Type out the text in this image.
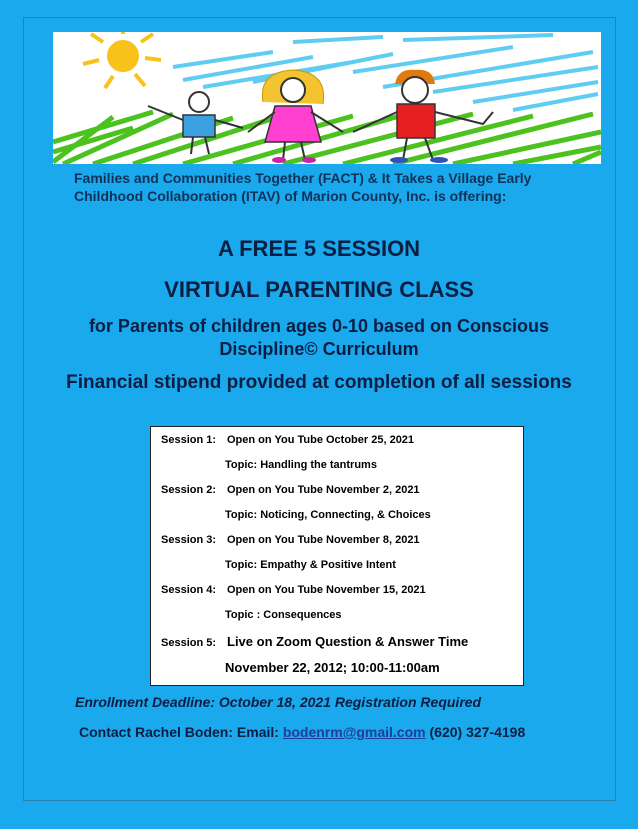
Families and Communities Together (FACT) & It Takes a Village Early Childhood Collaboration (ITAV) of Marion County, Inc. is offering:
A FREE 5 SESSION
VIRTUAL PARENTING CLASS
for Parents of children ages 0-10 based on Conscious Discipline© Curriculum
Financial stipend provided at completion of all sessions
Session 1: Open on You Tube October 25, 2021
Topic: Handling the tantrums
Session 2: Open on You Tube November 2, 2021
Topic: Noticing, Connecting, & Choices
Session 3: Open on You Tube November 8, 2021
Topic: Empathy & Positive Intent
Session 4: Open on You Tube November 15, 2021
Topic : Consequences
Session 5: Live on Zoom Question & Answer Time
November 22, 2012; 10:00-11:00am
Enrollment Deadline: October 18, 2021 Registration Required
Contact Rachel Boden: Email: bodenrm@gmail.com (620) 327-4198
